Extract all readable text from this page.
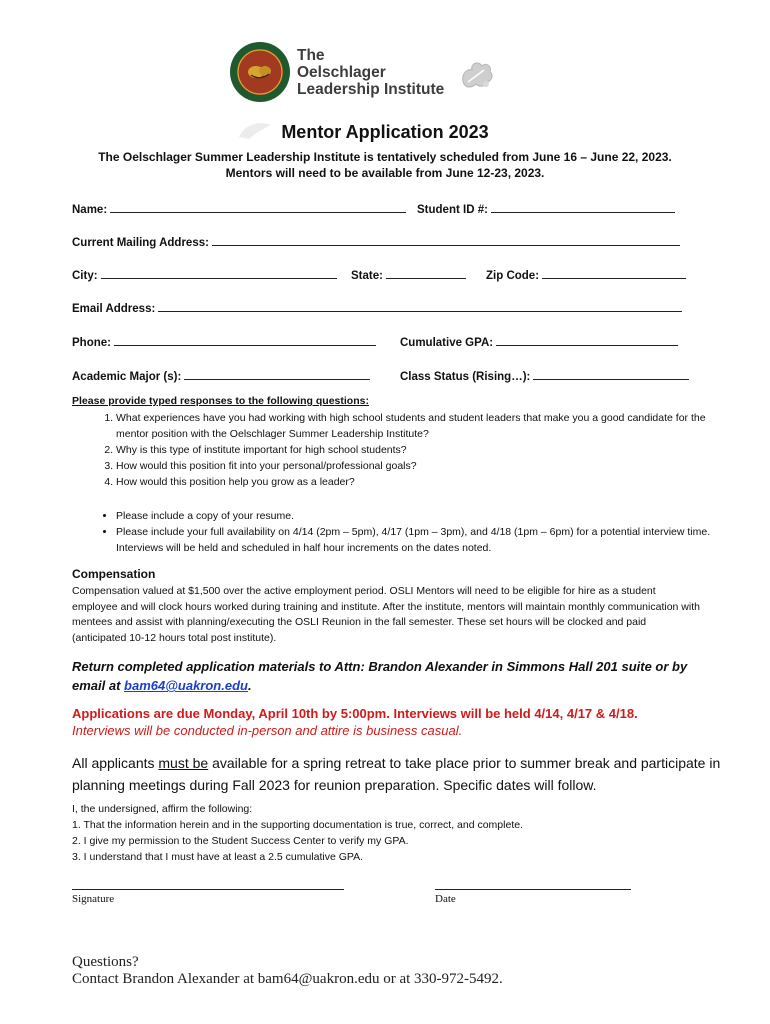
The
Oelschlager
Leadership Institute
Mentor Application 2023
The Oelschlager Summer Leadership Institute is tentatively scheduled from June 16 – June 22, 2023.
Mentors will need to be available from June 12-23, 2023.
Name:	Student ID #:
Current Mailing Address:
City:	State:	Zip Code:
Email Address:
Phone:	Cumulative GPA:
Academic Major (s):	Class Status (Rising…):
Please provide typed responses to the following questions:
1. What experiences have you had working with high school students and student leaders that make you a good candidate for the mentor position with the Oelschlager Summer Leadership Institute?
2. Why is this type of institute important for high school students?
3. How would this position fit into your personal/professional goals?
4. How would this position help you grow as a leader?
• Please include a copy of your resume.
• Please include your full availability on 4/14 (2pm – 5pm), 4/17 (1pm – 3pm), and 4/18 (1pm – 6pm) for a potential interview time. Interviews will be held and scheduled in half hour increments on the dates noted.
Compensation
Compensation valued at $1,500 over the active employment period. OSLI Mentors will need to be eligible for hire as a student employee and will clock hours worked during training and institute. After the institute, mentors will maintain monthly communication with mentees and assist with planning/executing the OSLI Reunion in the fall semester. These set hours will be clocked and paid (anticipated 10-12 hours total post institute).
Return completed application materials to Attn: Brandon Alexander in Simmons Hall 201 suite or by email at bam64@uakron.edu.
Applications are due Monday, April 10th by 5:00pm. Interviews will be held 4/14, 4/17 & 4/18.
Interviews will be conducted in-person and attire is business casual.
All applicants must be available for a spring retreat to take place prior to summer break and participate in planning meetings during Fall 2023 for reunion preparation. Specific dates will follow.
I, the undersigned, affirm the following:
1. That the information herein and in the supporting documentation is true, correct, and complete.
2. I give my permission to the Student Success Center to verify my GPA.
3. I understand that I must have at least a 2.5 cumulative GPA.
Signature	Date
Questions?
Contact Brandon Alexander at bam64@uakron.edu or at 330-972-5492.
